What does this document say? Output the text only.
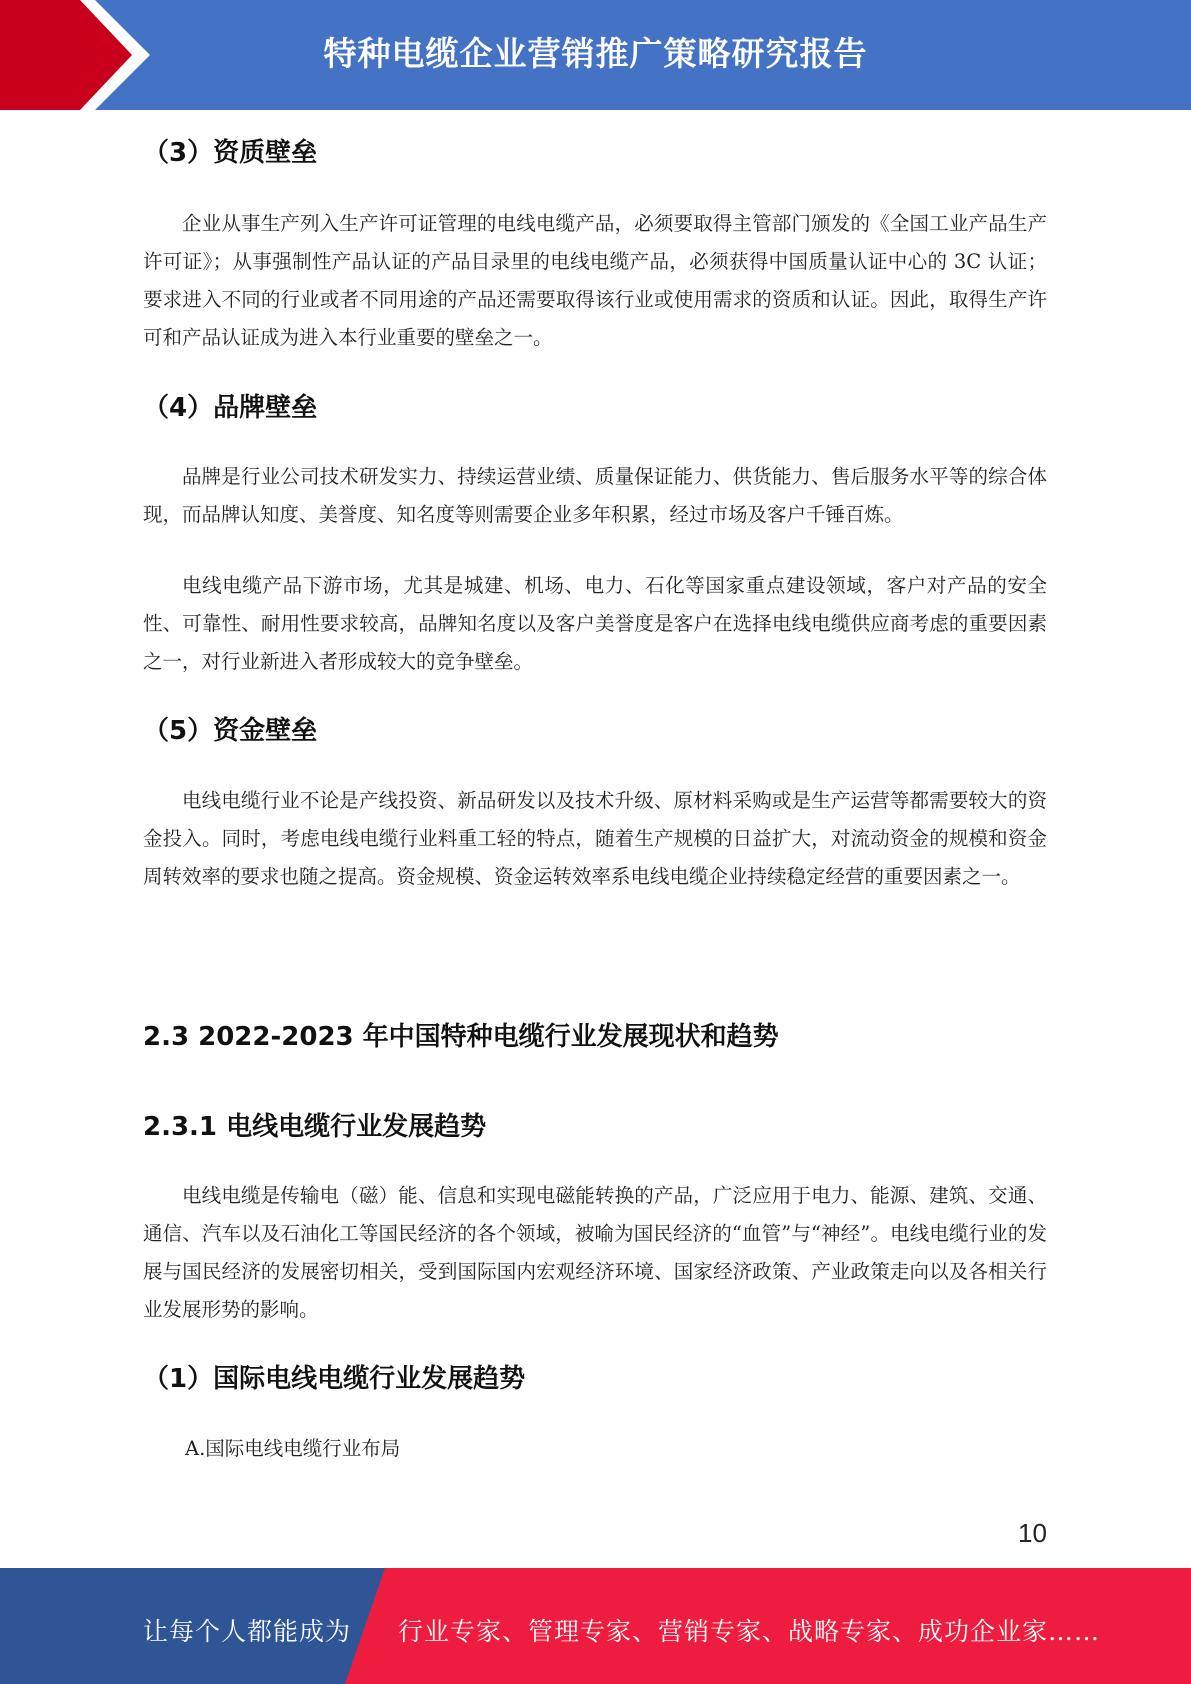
特种电缆企业营销推广策略研究报告
（3）资质壁垒

企业从事生产列入生产许可证管理的电线电缆产品，必须要取得主管部门颁发的《全国工业产品生产许可证》；从事强制性产品认证的产品目录里的电线电缆产品，必须获得中国质量认证中心的 3C 认证；要求进入不同的行业或者不同用途的产品还需要取得该行业或使用需求的资质和认证。因此，取得生产许可和产品认证成为进入本行业重要的壁垒之一。

（4）品牌壁垒

品牌是行业公司技术研发实力、持续运营业绩、质量保证能力、供货能力、售后服务水平等的综合体现，而品牌认知度、美誉度、知名度等则需要企业多年积累，经过市场及客户千锤百炼。

电线电缆产品下游市场，尤其是城建、机场、电力、石化等国家重点建设领域，客户对产品的安全性、可靠性、耐用性要求较高，品牌知名度以及客户美誉度是客户在选择电线电缆供应商考虑的重要因素之一，对行业新进入者形成较大的竞争壁垒。

（5）资金壁垒

电线电缆行业不论是产线投资、新品研发以及技术升级、原材料采购或是生产运营等都需要较大的资金投入。同时，考虑电线电缆行业料重工轻的特点，随着生产规模的日益扩大，对流动资金的规模和资金周转效率的要求也随之提高。资金规模、资金运转效率系电线电缆企业持续稳定经营的重要因素之一。

2.3 2022-2023 年中国特种电缆行业发展现状和趋势
2.3.1 电线电缆行业发展趋势

电线电缆是传输电（磁）能、信息和实现电磁能转换的产品，广泛应用于电力、能源、建筑、交通、通信、汽车以及石油化工等国民经济的各个领域，被喻为国民经济的“血管”与“神经”。电线电缆行业的发展与国民经济的发展密切相关，受到国际国内宏观经济环境、国家经济政策、产业政策走向以及各相关行业发展形势的影响。

（1）国际电线电缆行业发展趋势

A.国际电线电缆行业布局

10
让每个人都能成为 行业专家、管理专家、营销专家、战略专家、成功企业家……
